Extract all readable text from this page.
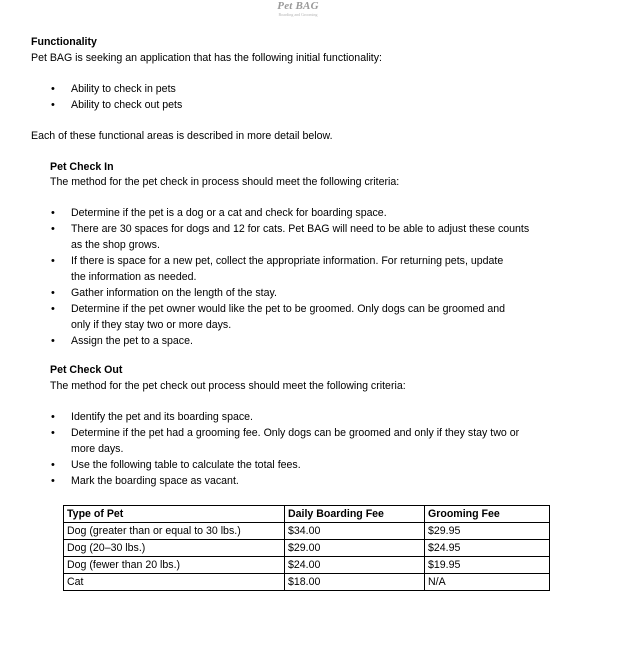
Pet BAG
Boarding and Grooming
Functionality
Pet BAG is seeking an application that has the following initial functionality:
• Ability to check in pets
• Ability to check out pets
Each of these functional areas is described in more detail below.
Pet Check In
The method for the pet check in process should meet the following criteria:
• Determine if the pet is a dog or a cat and check for boarding space.
• There are 30 spaces for dogs and 12 for cats. Pet BAG will need to be able to adjust these counts
as the shop grows.
• If there is space for a new pet, collect the appropriate information. For returning pets, update
the information as needed.
• Gather information on the length of the stay.
• Determine if the pet owner would like the pet to be groomed. Only dogs can be groomed and
only if they stay two or more days.
• Assign the pet to a space.
Pet Check Out
The method for the pet check out process should meet the following criteria:
• Identify the pet and its boarding space.
• Determine if the pet had a grooming fee. Only dogs can be groomed and only if they stay two or
more days.
• Use the following table to calculate the total fees.
• Mark the boarding space as vacant.
Type of Pet	Daily Boarding Fee	Grooming Fee
Dog (greater than or equal to 30 lbs.)	$34.00	$29.95
Dog (20–30 lbs.)	$29.00	$24.95
Dog (fewer than 20 lbs.)	$24.00	$19.95
Cat	$18.00	N/A
